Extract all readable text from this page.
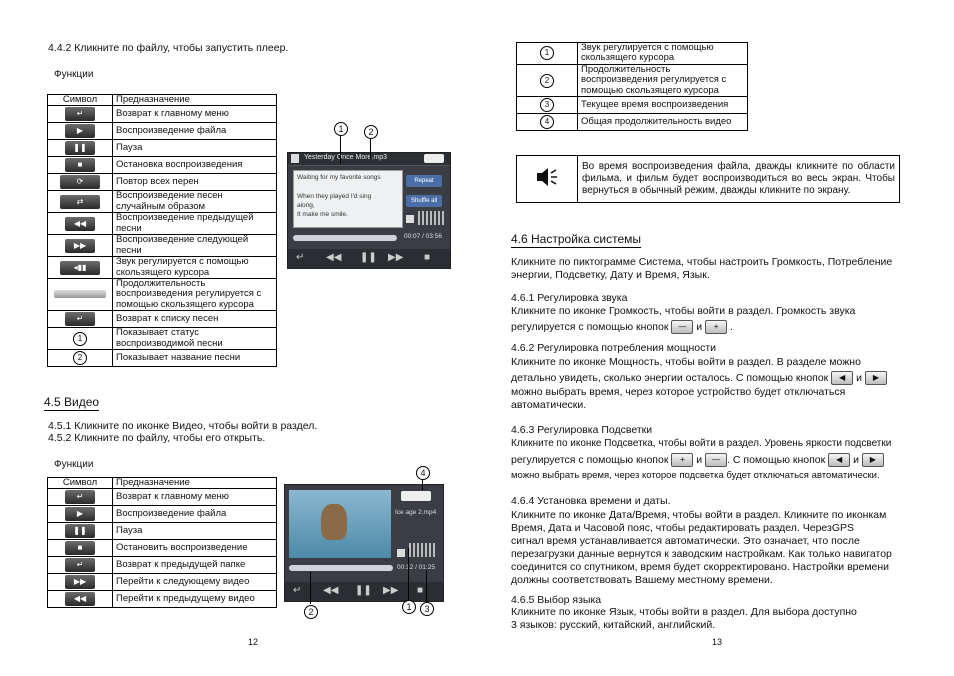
4.4.2 Кликните по файлу, чтобы запустить плеер.
Функции
Символ	Предназначение
↵	Возврат к главному меню
▶	Воспроизведение файла
❚❚	Пауза
■	Остановка воспроизведения
⟳	Повтор всех перен
⇄	Воспроизведение песен случайным образом
◀◀	Воспроизведение предыдущей песни
▶▶	Воспроизведение следующей песни
◂▮▮	Звук регулируется с помощью скользящего курсора
	Продолжительность воспроизведения регулируется с помощью скользящего курсора
↵	Возврат к списку песен
1	Показывает статус воспроизводимой песни
2	Показывает название песни
Yesterday Once More.mp3
Waiting for my favorite songs
When they played I'd sing
along,
It make me smile.
Repeat
Shuffle all
00:07 / 03:56
↵ ◀◀ ❚❚ ▶▶ ■
1	2
4.5 Видео
4.5.1 Кликните по иконке Видео, чтобы войти в раздел.
4.5.2 Кликните по файлу, чтобы его открыть.
Функции
Символ	Предназначение
↵	Возврат к главному меню
▶	Воспроизведение файла
❚❚	Пауза
■	Остановить воспроизведение
↵	Возврат к предыдущей папке
▶▶	Перейти к следующему видео
◀◀	Перейти к предыдущему видео
Ice age 2.mp4
00:12 / 01:25
↵ ◀◀ ❚❚ ▶▶ ■
4
2	1	3
12
1	Звук регулируется с помощью скользящего курсора
2	Продолжительность воспроизведения регулируется с помощью скользящего курсора
3	Текущее время воспроизведения
4	Общая продолжительность видео
	Во время воспроизведения файла, дважды кликните по области фильма, и фильм будет воспроизводиться во весь экран. Чтобы вернуться в обычный режим, дважды кликните по экрану.
4.6 Настройка системы
Кликните по пиктограмме Система, чтобы настроить Громкость, Потребление
энергии, Подсветку, Дату и Время, Язык.
4.6.1 Регулировка звука
Кликните по иконке Громкость, чтобы войти в раздел. Громкость звука
регулируется с помощью кнопок — и + .
4.6.2 Регулировка потребления мощности
Кликните по иконке Мощность, чтобы войти в раздел. В разделе можно
детально увидеть, сколько энергии осталось. С помощью кнопок ◀ и ▶
можно выбрать время, через которое устройство будет отключаться
автоматически.
4.6.3 Регулировка Подсветки
Кликните по иконке Подсветка, чтобы войти в раздел. Уровень яркости подсветки
регулируется с помощью кнопок + и — . С помощью кнопок ◀ и ▶
можно выбрать время, через которое подсветка будет отключаться автоматически.
4.6.4 Установка времени и даты.
Кликните по иконке Дата/Время, чтобы войти в раздел. Кликните по иконкам
Время, Дата и Часовой пояс, чтобы редактировать раздел. ЧерезGPS
сигнал время устанавливается автоматически. Это означает, что после
перезагрузки данные вернутся к заводским настройкам. Как только навигатор
соединится со спутником, время будет скорректировано. Настройки времени
должны соответствовать Вашему местному времени.
4.6.5 Выбор языка
Кликните по иконке Язык, чтобы войти в раздел. Для выбора доступно
3 языков: русский, китайский, английский.
13
